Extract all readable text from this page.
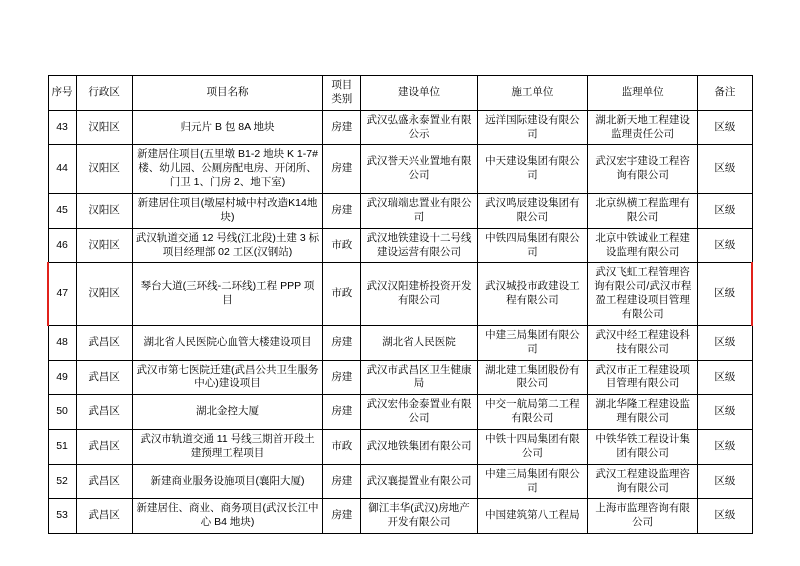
序号	行政区	项目名称	项目类别	建设单位	施工单位	监理单位	备注
43	汉阳区	归元片 B 包 8A 地块	房建	武汉弘盛永泰置业有限公示	远洋国际建设有限公司	湖北新天地工程建设监理责任公司	区级
44	汉阳区	新建居住项目(五里墩 B1-2 地块 K 1-7#楼、幼儿园、公厕房配电房、开闭所、门卫 1、门房 2、地下室)	房建	武汉誉天兴业置地有限公司	中天建设集团有限公司	武汉宏宇建设工程咨询有限公司	区级
45	汉阳区	新建居住项目(墩屋村城中村改造K14地块)	房建	武汉瑞端忠置业有限公司	武汉鸣辰建设集团有限公司	北京纵横工程监理有限公司	区级
46	汉阳区	武汉轨道交通 12 号线(江北段)土建 3 标项目经理部 02 工区(汉钢站)	市政	武汉地铁建设十二号线建设运营有限公司	中铁四局集团有限公司	北京中铁诚业工程建设监理有限公司	区级
47	汉阳区	琴台大道(三环线-二环线)工程 PPP 项目	市政	武汉汉阳建桥投资开发有限公司	武汉城投市政建设工程有限公司	武汉飞虹工程管理咨询有限公司/武汉市程盈工程建设项目管理有限公司	区级
48	武昌区	湖北省人民医院心血管大楼建设项目	房建	湖北省人民医院	中建三局集团有限公司	武汉中经工程建设科技有限公司	区级
49	武昌区	武汉市第七医院迁建(武昌公共卫生服务中心)建设项目	房建	武汉市武昌区卫生健康局	湖北建工集团股份有限公司	武汉市正工程建设项目管理有限公司	区级
50	武昌区	湖北金控大厦	房建	武汉宏伟金泰置业有限公司	中交一航局第二工程有限公司	湖北华隆工程建设监理有限公司	区级
51	武昌区	武汉市轨道交通 11 号线三期首开段土建预理工程项目	市政	武汉地铁集团有限公司	中铁十四局集团有限公司	中铁华铁工程设计集团有限公司	区级
52	武昌区	新建商业服务设施项目(襄阳大厦)	房建	武汉襄提置业有限公司	中建三局集团有限公司	武汉工程建设监理咨询有限公司	区级
53	武昌区	新建居住、商业、商务项目(武汉长江中心 B4 地块)	房建	御江丰华(武汉)房地产开发有限公司	中国建筑第八工程局	上海市监理咨询有限公司	区级
